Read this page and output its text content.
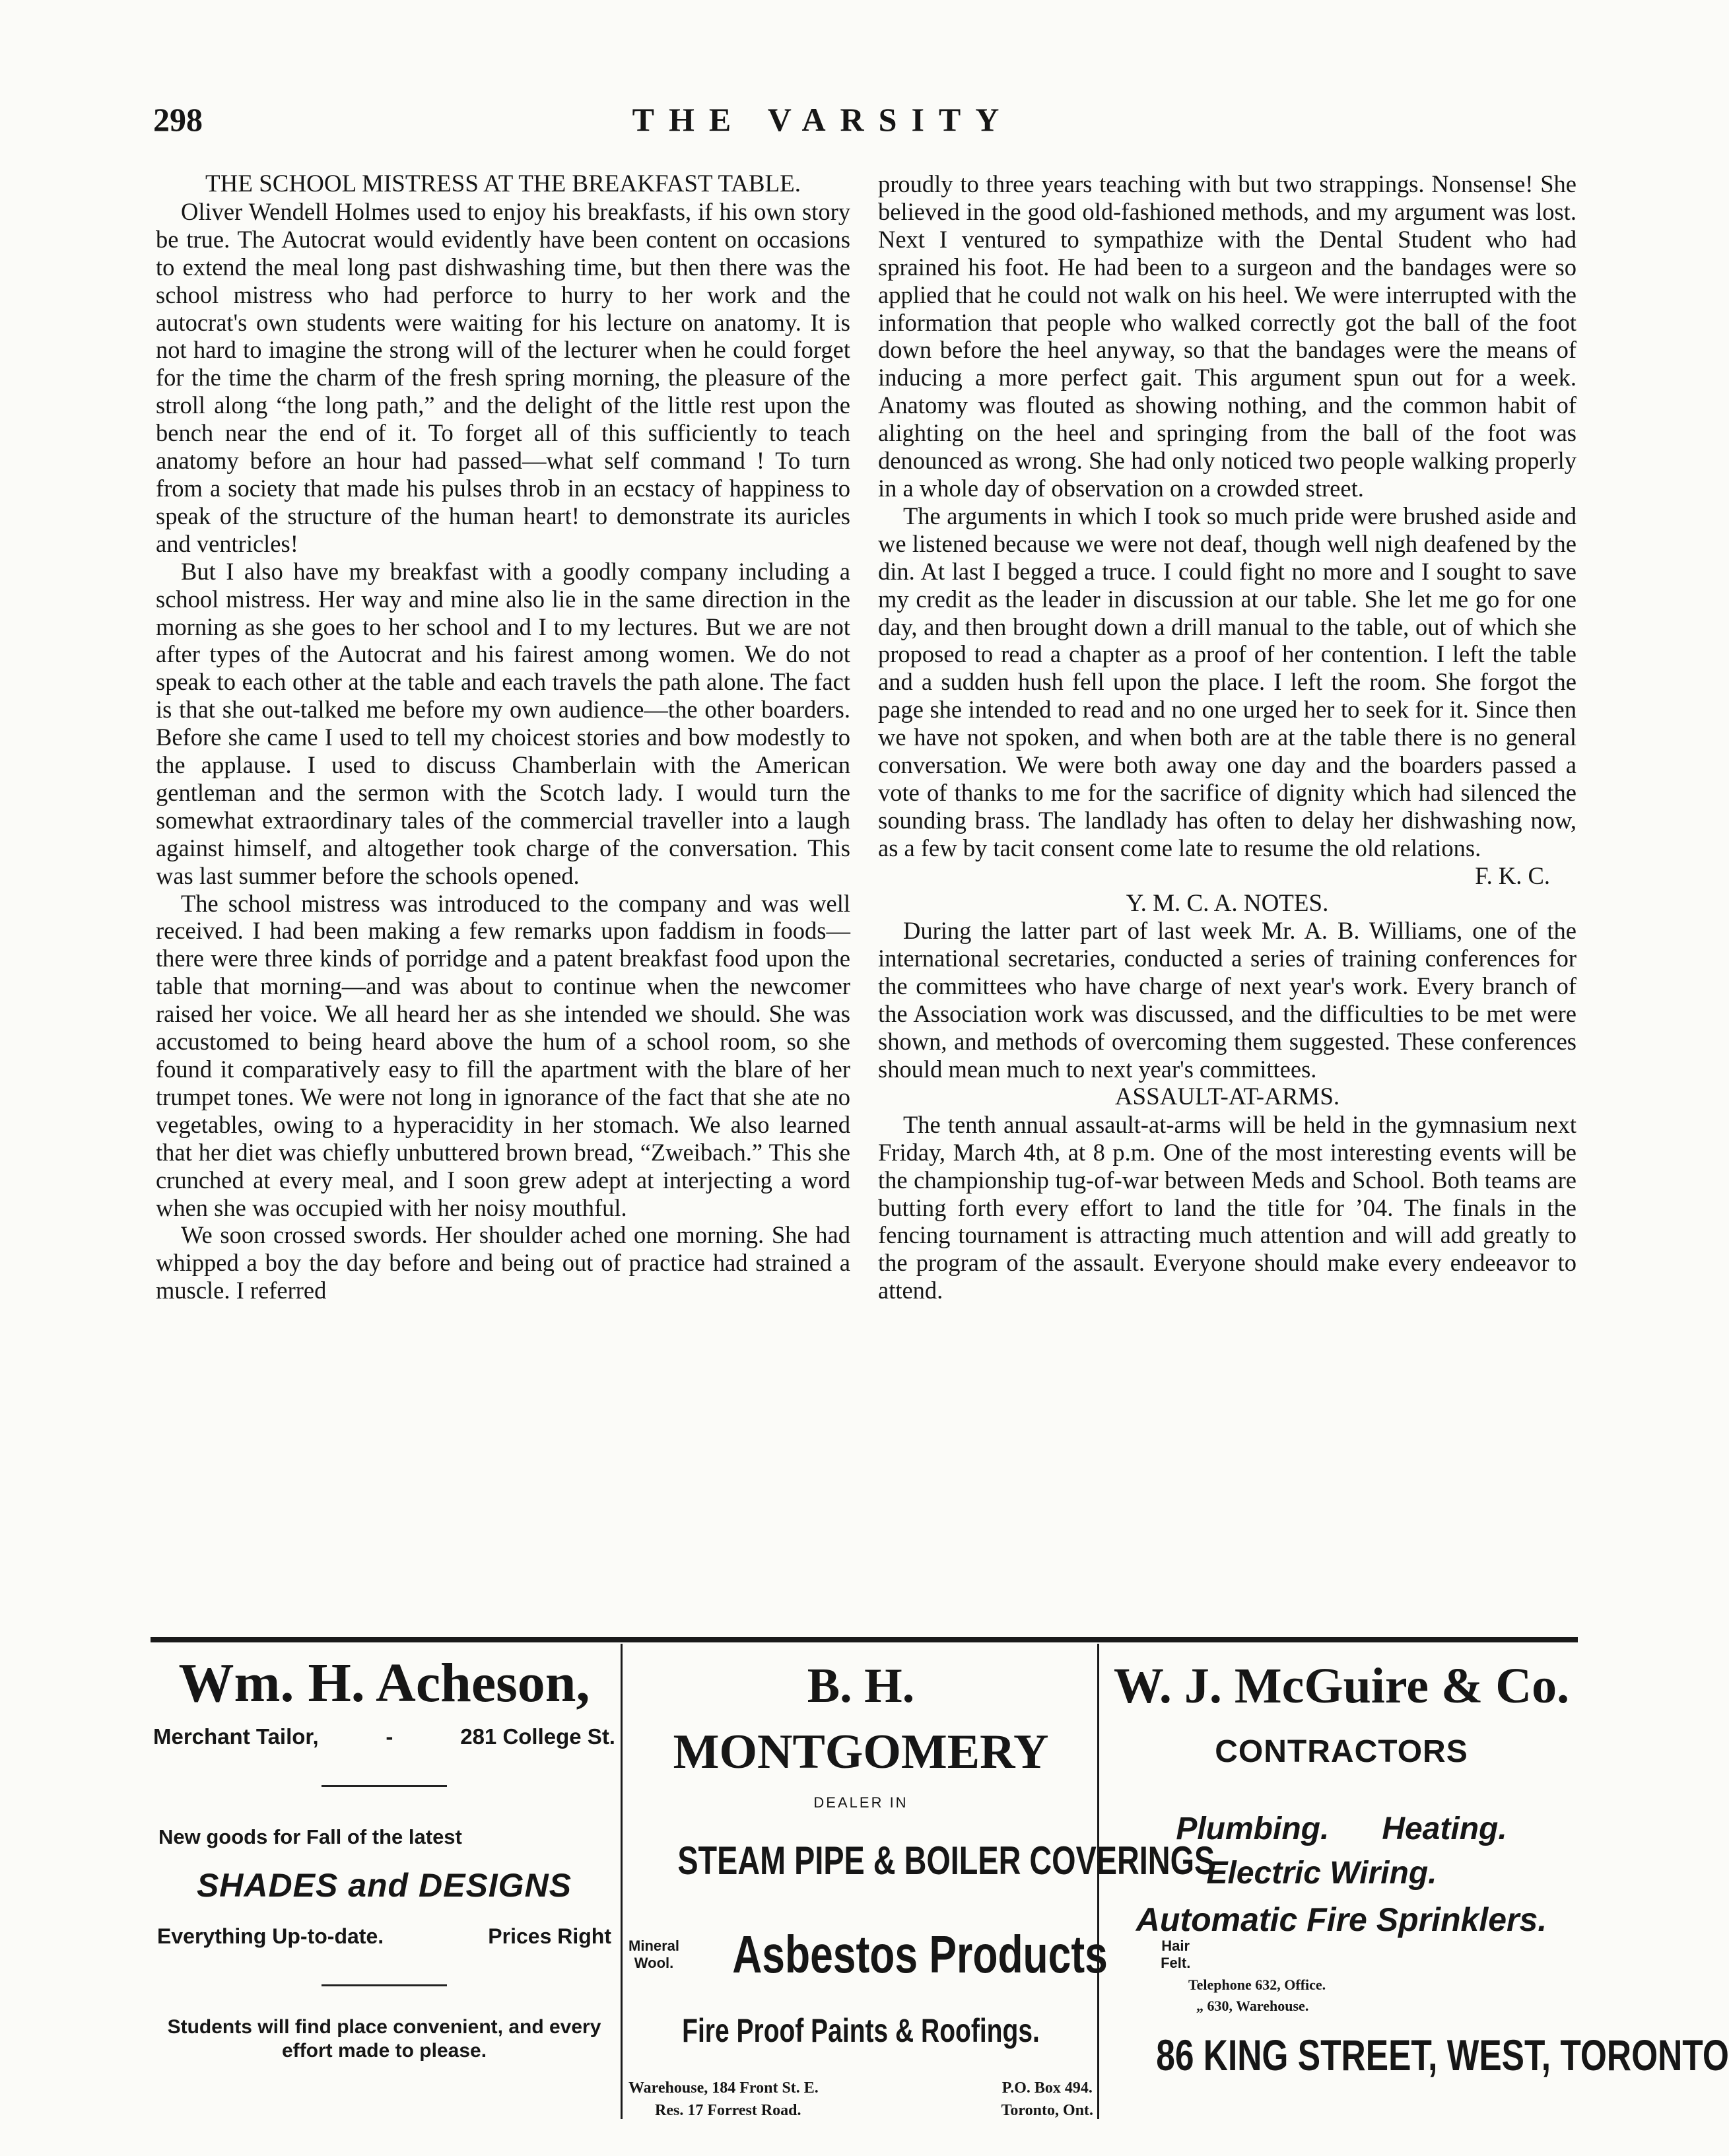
298	THE VARSITY
THE SCHOOL MISTRESS AT THE BREAKFAST TABLE.

Oliver Wendell Holmes used to enjoy his breakfasts, if his own story be true. The Autocrat would evidently have been content on occasions to extend the meal long past dishwashing time, but then there was the school mistress who had perforce to hurry to her work and the autocrat's own students were waiting for his lecture on anatomy. It is not hard to imagine the strong will of the lecturer when he could forget for the time the charm of the fresh spring morning, the pleasure of the stroll along “the long path,” and the delight of the little rest upon the bench near the end of it. To forget all of this sufficiently to teach anatomy before an hour had passed—what self command ! To turn from a society that made his pulses throb in an ecstacy of happiness to speak of the structure of the human heart! to demonstrate its auricles and ventricles!

But I also have my breakfast with a goodly company including a school mistress. Her way and mine also lie in the same direction in the morning as she goes to her school and I to my lectures. But we are not after types of the Autocrat and his fairest among women. We do not speak to each other at the table and each travels the path alone. The fact is that she out-talked me before my own audience—the other boarders. Before she came I used to tell my choicest stories and bow modestly to the applause. I used to discuss Chamberlain with the American gentleman and the sermon with the Scotch lady. I would turn the somewhat extraordinary tales of the commercial traveller into a laugh against himself, and altogether took charge of the conversation. This was last summer before the schools opened.

The school mistress was introduced to the company and was well received. I had been making a few remarks upon faddism in foods—there were three kinds of porridge and a patent breakfast food upon the table that morning—and was about to continue when the newcomer raised her voice. We all heard her as she intended we should. She was accustomed to being heard above the hum of a school room, so she found it comparatively easy to fill the apartment with the blare of her trumpet tones. We were not long in ignorance of the fact that she ate no vegetables, owing to a hyperacidity in her stomach. We also learned that her diet was chiefly unbuttered brown bread, “Zweibach.” This she crunched at every meal, and I soon grew adept at interjecting a word when she was occupied with her noisy mouthful.

We soon crossed swords. Her shoulder ached one morning. She had whipped a boy the day before and being out of practice had strained a muscle. I referred

proudly to three years teaching with but two strappings. Nonsense! She believed in the good old-fashioned methods, and my argument was lost. Next I ventured to sympathize with the Dental Student who had sprained his foot. He had been to a surgeon and the bandages were so applied that he could not walk on his heel. We were interrupted with the information that people who walked correctly got the ball of the foot down before the heel anyway, so that the bandages were the means of inducing a more perfect gait. This argument spun out for a week. Anatomy was flouted as showing nothing, and the common habit of alighting on the heel and springing from the ball of the foot was denounced as wrong. She had only noticed two people walking properly in a whole day of observation on a crowded street.

The arguments in which I took so much pride were brushed aside and we listened because we were not deaf, though well nigh deafened by the din. At last I begged a truce. I could fight no more and I sought to save my credit as the leader in discussion at our table. She let me go for one day, and then brought down a drill manual to the table, out of which she proposed to read a chapter as a proof of her contention. I left the table and a sudden hush fell upon the place. I left the room. She forgot the page she intended to read and no one urged her to seek for it. Since then we have not spoken, and when both are at the table there is no general conversation. We were both away one day and the boarders passed a vote of thanks to me for the sacrifice of dignity which had silenced the sounding brass. The landlady has often to delay her dishwashing now, as a few by tacit consent come late to resume the old relations.

F. K. C.

Y. M. C. A. NOTES.

During the latter part of last week Mr. A. B. Williams, one of the international secretaries, conducted a series of training conferences for the committees who have charge of next year's work. Every branch of the Association work was discussed, and the difficulties to be met were shown, and methods of overcoming them suggested. These conferences should mean much to next year's committees.

ASSAULT-AT-ARMS.

The tenth annual assault-at-arms will be held in the gymnasium next Friday, March 4th, at 8 p.m. One of the most interesting events will be the championship tug-of-war between Meds and School. Both teams are butting forth every effort to land the title for ’04. The finals in the fencing tournament is attracting much attention and will add greatly to the program of the assault. Everyone should make every endeeavor to attend.

Wm. H. Acheson,
Merchant Tailor,	-	281 College St.
New goods for Fall of the latest
SHADES and DESIGNS
Everything Up-to-date.	Prices Right
Students will find place convenient, and every effort made to please.
B. H. MONTGOMERY
DEALER IN
STEAM PIPE & BOILER COVERINGS
Mineral Wool. Asbestos Products	Hair Felt.
Fire Proof Paints & Roofings.
Warehouse, 184 Front St. E.
Res. 17 Forrest Road.
P.O. Box 494.
Toronto, Ont.
W. J. McGuire & Co.
CONTRACTORS
Plumbing. Heating.
Electric Wiring.
Automatic Fire Sprinklers.
Telephone 632, Office.
„ 630, Warehouse.
86 KING STREET, WEST, TORONTO
